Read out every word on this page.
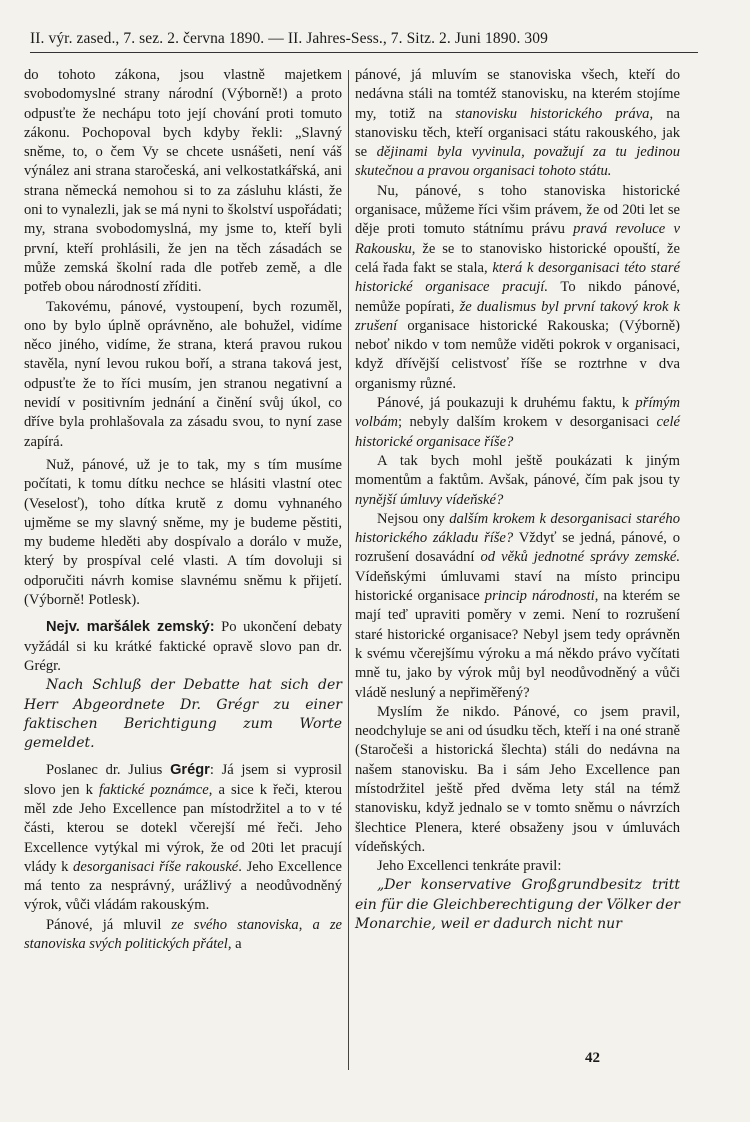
II. výr. zased., 7. sez. 2. června 1890. — II. Jahres-Sess., 7. Sitz. 2. Juni 1890. 309

do tohoto zákona, jsou vlastně majetkem svobodomyslné strany národní (Výborně!) a proto odpusťte že nechápu toto její chování proti tomuto zákonu. Pochopoval bych kdyby řekli: „Slavný sněme, to, o čem Vy se chcete usnášeti, není váš výnález ani strana staročeská, ani velkostatkářská, ani strana německá nemohou si to za zásluhu klásti, že oni to vynalezli, jak se má nyni to školství uspořádati; my, strana svobodomyslná, my jsme to, kteří byli první, kteří prohlásili, že jen na těch zásadách se může zemská školní rada dle potřeb země, a dle potřeb obou národností zříditi.

Takovému, pánové, vystoupení, bych rozuměl, ono by bylo úplně oprávněno, ale bohužel, vidíme něco jiného, vidíme, že strana, která pravou rukou stavěla, nyní levou rukou boří, a strana taková jest, odpusťte že to říci musím, jen stranou negativní a nevidí v positivním jednání a činění svůj úkol, co dříve byla prohlašovala za zásadu svou, to nyní zase zapírá.

Nuž, pánové, už je to tak, my s tím musíme počítati, k tomu dítku nechce se hlásiti vlastní otec (Veselosť), toho dítka krutě z domu vyhnaného ujměme se my slavný sněme, my je budeme pěstiti, my budeme hleděti aby dospívalo a dorálo v muže, který by prospíval celé vlasti. A tím dovoluji si odporučiti návrh komise slavnému sněmu k přijetí. (Výborně! Potlesk).

Nejv. maršálek zemský: Po ukončení debaty vyžádál si ku krátké faktické opravě slovo pan dr. Grégr.

Nach Schluß der Debatte hat sich der Herr Abgeordnete Dr. Grégr zu einer faktischen Berichtigung zum Worte gemeldet.

Poslanec dr. Julius Grégr: Já jsem si vyprosil slovo jen k faktické poznámce, a sice k řeči, kterou měl zde Jeho Excellence pan místodržitel a to v té části, kterou se dotekl včerejší mé řeči. Jeho Excellence vytýkal mi výrok, že od 20ti let pracují vlády k desorganisaci říše rakouské. Jeho Excellence má tento za nesprávný, urážlivý a neodůvodněný výrok, vůči vládám rakouským.

Pánové, já mluvil ze svého stanoviska, a ze stanoviska svých politických přátel, a

pánové, já mluvím se stanoviska všech, kteří do nedávna stáli na tomtéž stanovisku, na kterém stojíme my, totiž na stanovisku historického práva, na stanovisku těch, kteří organisaci státu rakouského, jak se dějinami byla vyvinula, považují za tu jedinou skutečnou a pravou organisaci tohoto státu.

Nu, pánové, s toho stanoviska historické organisace, můžeme říci všim právem, že od 20ti let se děje proti tomuto státnímu právu pravá revoluce v Rakousku, že se to stanovisko historické opouští, že celá řada fakt se stala, která k desorganisaci této staré historické organisace pracují. To nikdo pánové, nemůže popírati, že dualismus byl první takový krok k zrušení organisace historické Rakouska; (Výborně) neboť nikdo v tom nemůže viděti pokrok v organisaci, když dřívější celistvosť říše se roztrhne v dva organismy různé.

Pánové, já poukazuji k druhému faktu, k přímým volbám; nebyly dalším krokem v desorganisaci celé historické organisace říše?

A tak bych mohl ještě poukázati k jiným momentům a faktům. Avšak, pánové, čím pak jsou ty nynější úmluvy vídeňské?

Nejsou ony dalším krokem k desorganisaci starého historického základu říše? Vždyť se jedná, pánové, o rozrušení dosavádní od věků jednotné správy zemské. Vídeňskými úmluvami staví na místo principu historické organisace princip národnosti, na kterém se mají teď upraviti poměry v zemi. Není to rozrušení staré historické organisace? Nebyl jsem tedy oprávněn k svému včerejšímu výroku a má někdo právo vyčítati mně tu, jako by výrok můj byl neodůvodněný a vůči vládě nesluný a nepřiměřený?

Myslím že nikdo. Pánové, co jsem pravil, neodchyluje se ani od úsudku těch, kteří i na oné straně (Staročeši a historická šlechta) stáli do nedávna na našem stanovisku. Ba i sám Jeho Excellence pan místodržitel ještě před dvěma lety stál na témž stanovisku, když jednalo se v tomto sněmu o návrzích šlechtice Plenera, které obsaženy jsou v úmluvách vídeňských.

Jeho Excellenci tenkráte pravil:

„Der konservative Großgrundbesitz tritt ein für die Gleichberechtigung der Völker der Monarchie, weil er dadurch nicht nur

42
